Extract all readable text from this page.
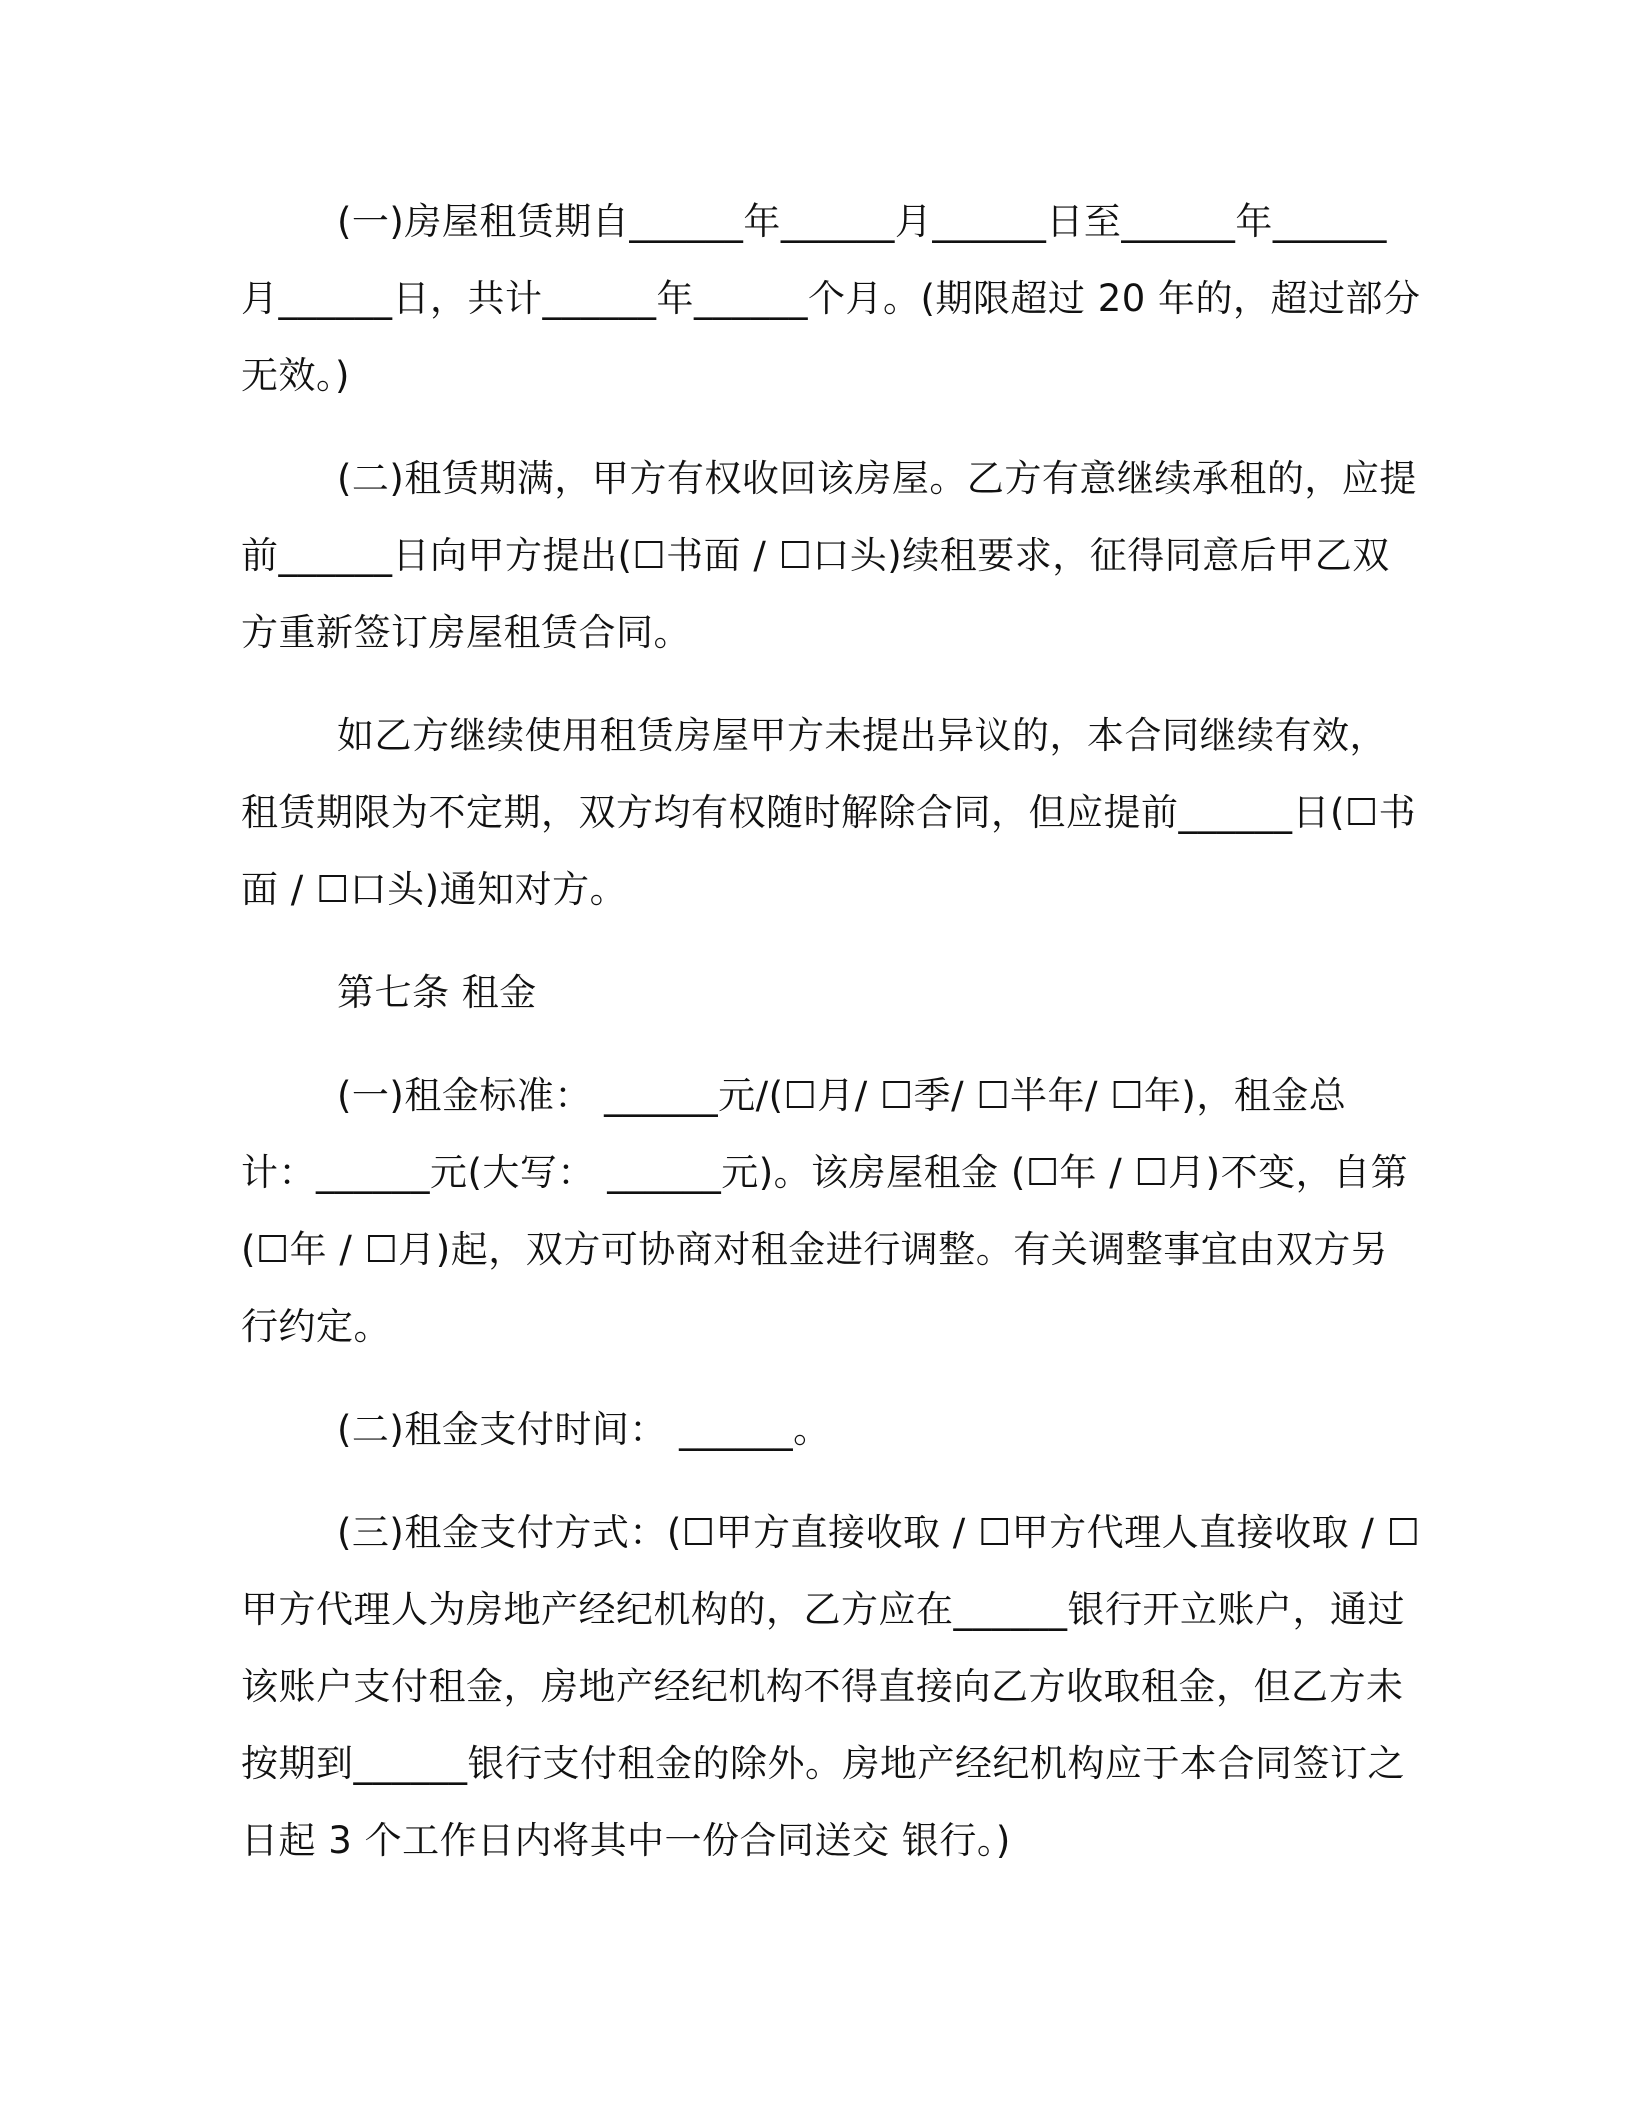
(一)房屋租赁期自______年______月______日至______年______月______日，共计______年______个月。(期限超过 20 年的，超过部分无效。)

(二)租赁期满，甲方有权收回该房屋。乙方有意继续承租的，应提前______日向甲方提出(☐书面 / ☐口头)续租要求，征得同意后甲乙双方重新签订房屋租赁合同。

如乙方继续使用租赁房屋甲方未提出异议的，本合同继续有效，租赁期限为不定期，双方均有权随时解除合同，但应提前______日(☐书面 / ☐口头)通知对方。

第七条 租金

(一)租金标准： ______元/(☐月/ ☐季/ ☐半年/ ☐年)，租金总计：______元(大写： ______元)。该房屋租金 (☐年 / ☐月)不变，自第 (☐年 / ☐月)起，双方可协商对租金进行调整。有关调整事宜由双方另行约定。

(二)租金支付时间： ______。

(三)租金支付方式：(☐甲方直接收取 / ☐甲方代理人直接收取 / ☐甲方代理人为房地产经纪机构的，乙方应在______银行开立账户，通过该账户支付租金，房地产经纪机构不得直接向乙方收取租金，但乙方未按期到______银行支付租金的除外。房地产经纪机构应于本合同签订之日起 3 个工作日内将其中一份合同送交 银行。)
